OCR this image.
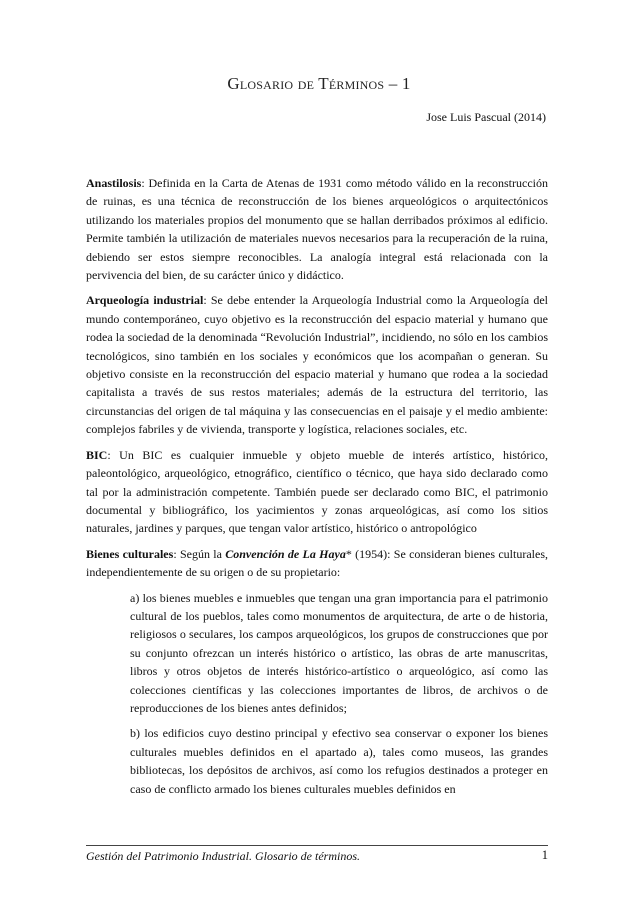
Glosario de Términos – 1
Jose Luis Pascual (2014)

Anastilosis: Definida en la Carta de Atenas de 1931 como método válido en la reconstrucción de ruinas, es una técnica de reconstrucción de los bienes arqueológicos o arquitectónicos utilizando los materiales propios del monumento que se hallan derribados próximos al edificio. Permite también la utilización de materiales nuevos necesarios para la recuperación de la ruina, debiendo ser estos siempre reconocibles. La analogía integral está relacionada con la pervivencia del bien, de su carácter único y didáctico.

Arqueología industrial: Se debe entender la Arqueología Industrial como la Arqueología del mundo contemporáneo, cuyo objetivo es la reconstrucción del espacio material y humano que rodea la sociedad de la denominada “Revolución Industrial”, incidiendo, no sólo en los cambios tecnológicos, sino también en los sociales y económicos que los acompañan o generan. Su objetivo consiste en la reconstrucción del espacio material y humano que rodea a la sociedad capitalista a través de sus restos materiales; además de la estructura del territorio, las circunstancias del origen de tal máquina y las consecuencias en el paisaje y el medio ambiente: complejos fabriles y de vivienda, transporte y logística, relaciones sociales, etc.

BIC: Un BIC es cualquier inmueble y objeto mueble de interés artístico, histórico, paleontológico, arqueológico, etnográfico, científico o técnico, que haya sido declarado como tal por la administración competente. También puede ser declarado como BIC, el patrimonio documental y bibliográfico, los yacimientos y zonas arqueológicas, así como los sitios naturales, jardines y parques, que tengan valor artístico, histórico o antropológico

Bienes culturales: Según la Convención de La Haya* (1954): Se consideran bienes culturales, independientemente de su origen o de su propietario:

a) los bienes muebles e inmuebles que tengan una gran importancia para el patrimonio cultural de los pueblos, tales como monumentos de arquitectura, de arte o de historia, religiosos o seculares, los campos arqueológicos, los grupos de construcciones que por su conjunto ofrezcan un interés histórico o artístico, las obras de arte manuscritas, libros y otros objetos de interés histórico-artístico o arqueológico, así como las colecciones científicas y las colecciones importantes de libros, de archivos o de reproducciones de los bienes antes definidos;

b) los edificios cuyo destino principal y efectivo sea conservar o exponer los bienes culturales muebles definidos en el apartado a), tales como museos, las grandes bibliotecas, los depósitos de archivos, así como los refugios destinados a proteger en caso de conflicto armado los bienes culturales muebles definidos en

Gestión del Patrimonio Industrial. Glosario de términos.	1
